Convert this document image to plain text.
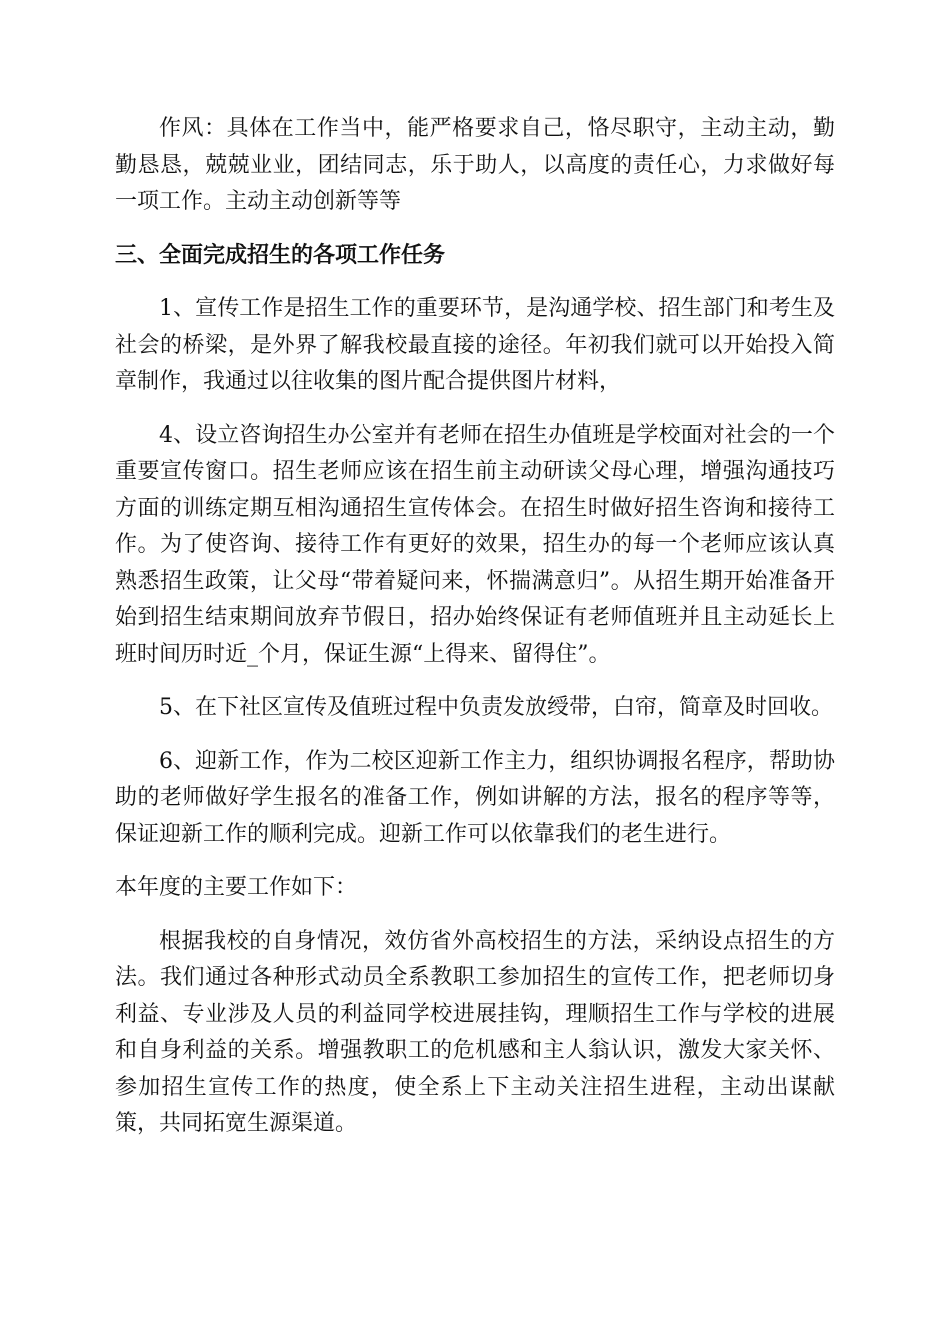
作风：具体在工作当中，能严格要求自己，恪尽职守，主动主动，勤勤恳恳，兢兢业业，团结同志，乐于助人，以高度的责任心，力求做好每一项工作。主动主动创新等等

三、全面完成招生的各项工作任务

1、宣传工作是招生工作的重要环节，是沟通学校、招生部门和考生及社会的桥梁，是外界了解我校最直接的途径。年初我们就可以开始投入简章制作，我通过以往收集的图片配合提供图片材料，

4、设立咨询招生办公室并有老师在招生办值班是学校面对社会的一个重要宣传窗口。招生老师应该在招生前主动研读父母心理，增强沟通技巧方面的训练定期互相沟通招生宣传体会。在招生时做好招生咨询和接待工作。为了使咨询、接待工作有更好的效果，招生办的每一个老师应该认真熟悉招生政策，让父母“带着疑问来，怀揣满意归”。从招生期开始准备开始到招生结束期间放弃节假日，招办始终保证有老师值班并且主动延长上班时间历时近_个月，保证生源“上得来、留得住”。

5、在下社区宣传及值班过程中负责发放绶带，白帘，简章及时回收。

6、迎新工作，作为二校区迎新工作主力，组织协调报名程序，帮助协助的老师做好学生报名的准备工作，例如讲解的方法，报名的程序等等，保证迎新工作的顺利完成。迎新工作可以依靠我们的老生进行。

本年度的主要工作如下：

根据我校的自身情况，效仿省外高校招生的方法，采纳设点招生的方法。我们通过各种形式动员全系教职工参加招生的宣传工作，把老师切身利益、专业涉及人员的利益同学校进展挂钩，理顺招生工作与学校的进展和自身利益的关系。增强教职工的危机感和主人翁认识，激发大家关怀、参加招生宣传工作的热度，使全系上下主动关注招生进程，主动出谋献策，共同拓宽生源渠道。
